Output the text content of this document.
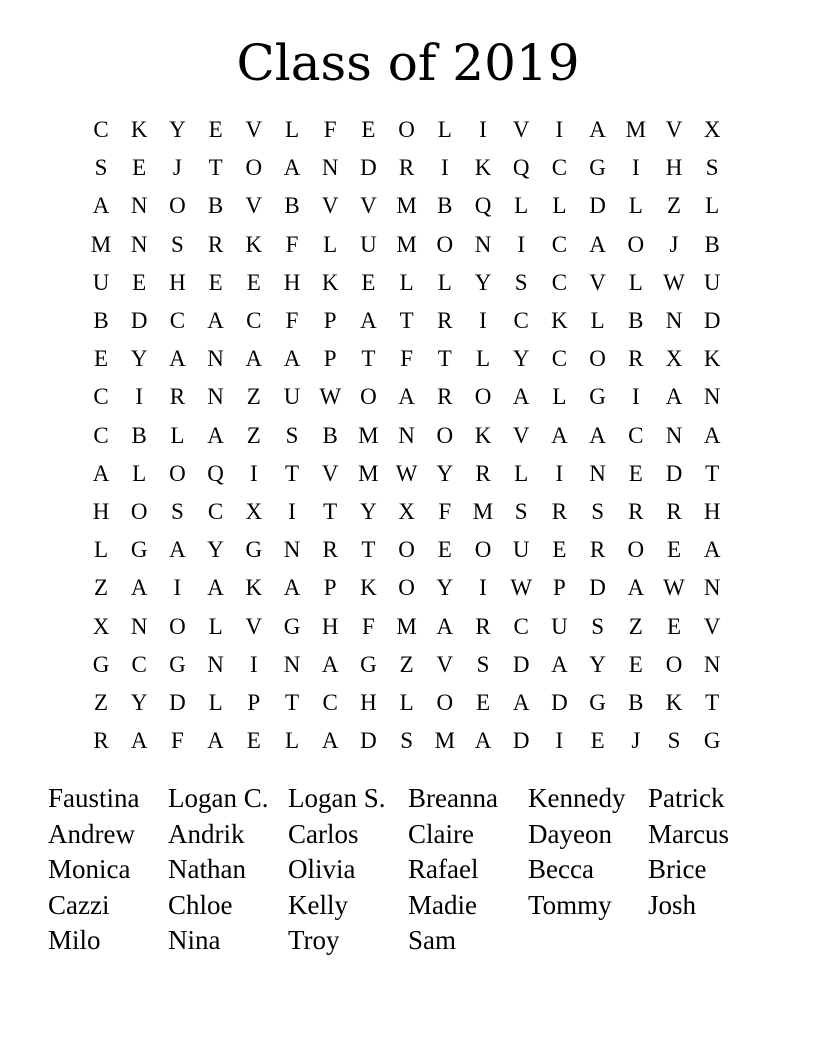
Class of 2019
C K Y E V L	F	E O L	I	V	I	A M V X
S	E	J	T O A N D R	I	K Q C G	I	H	S
A N O B V B V V M B Q L	L D L	Z	L
M N	S	R K	F	L U M O N	I	C A O	J	B
U E H E	E H K E	L	L Y	S	C V L W U
B D C A C	F	P	A T	R	I	C K L	B N D
E Y A N A A	P	T	F	T	L Y C O R X K
C	I	R N Z U W O A R O A L G	I	A N
C B	L A Z	S	B M N O K V A A C N A
A L O Q	I	T V M W Y R	L	I	N E D T
H O	S	C X	I	T Y X	F M S	R	S	R R H
L G A Y G N R	T O E O U E	R O E A
Z A	I	A K A	P	K O Y	I	W P	D A W N
X N O L V G H	F M A R C U	S	Z	E V
G C G N	I	N A G Z V	S	D A Y E O N
Z Y D L	P	T	C H L O E A D G B K T
R A	F	A E	L A D	S M A D	I	E	J	S	G
Faustina Logan C. Logan S. Breanna Kennedy Patrick
Andrew Andrik Carlos Claire Dayeon Marcus
Monica Nathan Olivia Rafael Becca Brice
Cazzi Chloe Kelly Madie Tommy Josh
Milo Nina	Troy	Sam
